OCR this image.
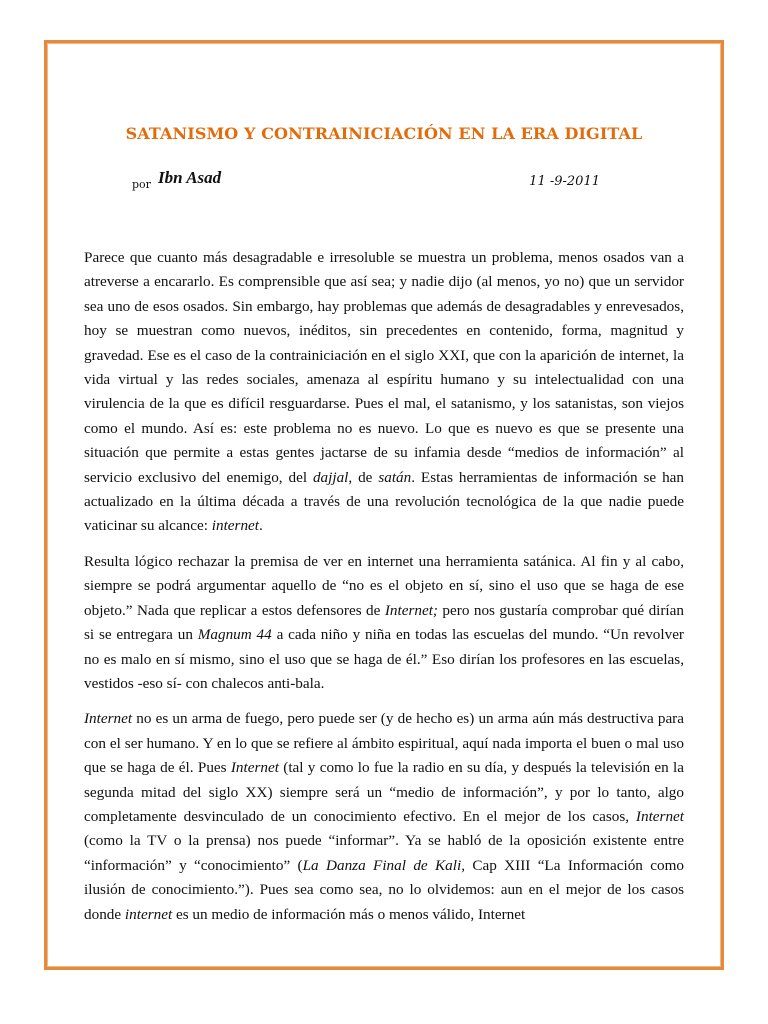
SATANISMO Y CONTRAINICIACIÓN EN LA ERA DIGITAL
por Ibn Asad	11 -9-2011

Parece que cuanto más desagradable e irresoluble se muestra un problema, menos osados van a atreverse a encararlo. Es comprensible que así sea; y nadie dijo (al menos, yo no) que un servidor sea uno de esos osados. Sin embargo, hay problemas que además de desagradables y enrevesados, hoy se muestran como nuevos, inéditos, sin precedentes en contenido, forma, magnitud y gravedad. Ese es el caso de la contrainiciación en el siglo XXI, que con la aparición de internet, la vida virtual y las redes sociales, amenaza al espíritu humano y su intelectualidad con una virulencia de la que es difícil resguardarse. Pues el mal, el satanismo, y los satanistas, son viejos como el mundo. Así es: este problema no es nuevo. Lo que es nuevo es que se presente una situación que permite a estas gentes jactarse de su infamia desde “medios de información” al servicio exclusivo del enemigo, del dajjal, de satán. Estas herramientas de información se han actualizado en la última década a través de una revolución tecnológica de la que nadie puede vaticinar su alcance: internet.

Resulta lógico rechazar la premisa de ver en internet una herramienta satánica. Al fin y al cabo, siempre se podrá argumentar aquello de “no es el objeto en sí, sino el uso que se haga de ese objeto.” Nada que replicar a estos defensores de Internet; pero nos gustaría comprobar qué dirían si se entregara un Magnum 44 a cada niño y niña en todas las escuelas del mundo. “Un revolver no es malo en sí mismo, sino el uso que se haga de él.” Eso dirían los profesores en las escuelas, vestidos -eso sí- con chalecos anti-bala.

Internet no es un arma de fuego, pero puede ser (y de hecho es) un arma aún más destructiva para con el ser humano. Y en lo que se refiere al ámbito espiritual, aquí nada importa el buen o mal uso que se haga de él. Pues Internet (tal y como lo fue la radio en su día, y después la televisión en la segunda mitad del siglo XX) siempre será un “medio de información”, y por lo tanto, algo completamente desvinculado de un conocimiento efectivo. En el mejor de los casos, Internet (como la TV o la prensa) nos puede “informar”. Ya se habló de la oposición existente entre “información” y “conocimiento” (La Danza Final de Kali, Cap XIII “La Información como ilusión de conocimiento.”). Pues sea como sea, no lo olvidemos: aun en el mejor de los casos donde internet es un medio de información más o menos válido, Internet
